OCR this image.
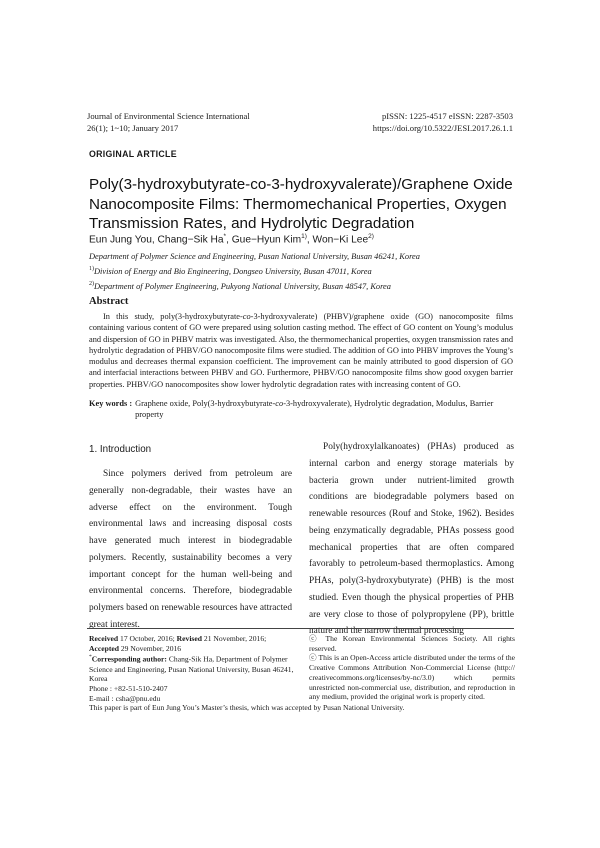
Journal of Environmental Science International
26(1); 1~10; January 2017
pISSN: 1225-4517 eISSN: 2287-3503
https://doi.org/10.5322/JESI.2017.26.1.1
ORIGINAL ARTICLE
Poly(3-hydroxybutyrate-co-3-hydroxyvalerate)/Graphene Oxide
Nanocomposite Films: Thermomechanical Properties, Oxygen
Transmission Rates, and Hydrolytic Degradation
Eun Jung You, Chang−Sik Ha*, Gue−Hyun Kim$^{1)}$, Won−Ki Lee$^{2)}$
Department of Polymer Science and Engineering, Pusan National University, Busan 46241, Korea
$^{1)}$Division of Energy and Bio Engineering, Dongseo University, Busan 47011, Korea
$^{2)}$Department of Polymer Engineering, Pukyong National University, Busan 48547, Korea
Abstract
In this study, poly(3-hydroxybutyrate-co-3-hydroxyvalerate) (PHBV)/graphene oxide (GO) nanocomposite films containing various content of GO were prepared using solution casting method. The effect of GO content on Young’s modulus and dispersion of GO in PHBV matrix was investigated. Also, the thermomechanical properties, oxygen transmission rates and hydrolytic degradation of PHBV/GO nanocomposite films were studied. The addition of GO into PHBV improves the Young’s modulus and decreases thermal expansion coefficient. The improvement can be mainly attributed to good dispersion of GO and interfacial interactions between PHBV and GO. Furthermore, PHBV/GO nanocomposite films show good oxygen barrier properties. PHBV/GO nanocomposites show lower hydrolytic degradation rates with increasing content of GO.
Key words : Graphene oxide, Poly(3-hydroxybutyrate-co-3-hydroxyvalerate), Hydrolytic degradation, Modulus, Barrier property
1. Introduction

Since polymers derived from petroleum are generally non-degradable, their wastes have an adverse effect on the environment. Tough environmental laws and increasing disposal costs have generated much interest in biodegradable polymers. Recently, sustainability becomes a very important concept for the human well-being and environmental concerns. Therefore, biodegradable polymers based on renewable resources have attracted great interest.

Poly(hydroxylalkanoates) (PHAs) produced as internal carbon and energy storage materials by bacteria grown under nutrient-limited growth conditions are biodegradable polymers based on renewable resources (Rouf and Stoke, 1962). Besides being enzymatically degradable, PHAs possess good mechanical properties that are often compared favorably to petroleum‐based thermoplastics. Among PHAs, poly(3-hydroxybutyrate) (PHB) is the most studied. Even though the physical properties of PHB are very close to those of polypropylene (PP), brittle nature and the narrow thermal processing

Received 17 October, 2016; Revised 21 November, 2016;
Accepted 29 November, 2016
*Corresponding author: Chang-Sik Ha, Department of Polymer Science and Engineering, Pusan National University, Busan 46241, Korea
Phone : +82-51-510-2407
E-mail : csha@pnu.edu
ⓒ The Korean Environmental Sciences Society. All rights reserved.
ⓒ This is an Open-Access article distributed under the terms of the Creative Commons Attribution Non-Commercial License (http:// creativecommons.org/licenses/by-nc/3.0) which permits unrestricted non-commercial use, distribution, and reproduction in any medium, provided the original work is properly cited.
This paper is part of Eun Jung You’s Master’s thesis, which was accepted by Pusan National University.
